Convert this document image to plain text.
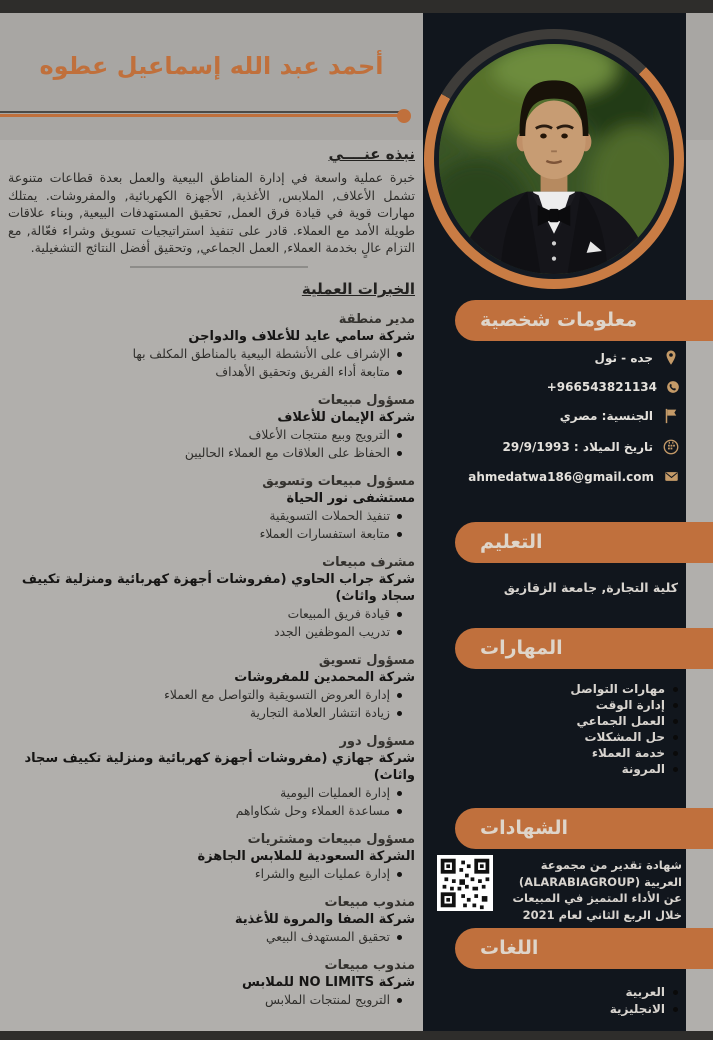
أحمد عبد الله إسماعيل عطوه
نبذه عنــــي
خبرة عملية واسعة في إدارة المناطق البيعية والعمل بعدة قطاعات متنوعة تشمل الأعلاف, الملابس, الأغذية, الأجهزة الكهربائية, والمفروشات. يمتلك مهارات قوية في قيادة فرق العمل, تحقيق المستهدفات البيعية, وبناء علاقات طويلة الأمد مع العملاء. قادر على تنفيذ استراتيجيات تسويق وشراء فعّالة, مع التزام عالٍ بخدمة العملاء, العمل الجماعي, وتحقيق أفضل النتائج التشغيلية.
الخبرات العملية
مدير منطقة
شركة سامي عايد للأعلاف والدواجن
الإشراف على الأنشطة البيعية بالمناطق المكلف بها
متابعة أداء الفريق وتحقيق الأهداف
مسؤول مبيعات
شركة الإيمان للأعلاف
الترويج وبيع منتجات الأعلاف
الحفاظ على العلاقات مع العملاء الحاليين
مسؤول مبيعات وتسويق
مستشفى نور الحياة
تنفيذ الحملات التسويقية
متابعة استفسارات العملاء
مشرف مبيعات
شركة جراب الحاوي (مفروشات أجهزة كهربائية ومنزلية تكييف سجاد واثاث)
قيادة فريق المبيعات
تدريب الموظفين الجدد
مسؤول تسويق
شركة المحمدين للمفروشات
إدارة العروض التسويقية والتواصل مع العملاء
زيادة انتشار العلامة التجارية
مسؤول دور
شركة جهازي (مفروشات أجهزة كهربائية ومنزلية تكييف سجاد واثاث)
إدارة العمليات اليومية
مساعدة العملاء وحل شكاواهم
مسؤول مبيعات ومشتريات
الشركة السعودية للملابس الجاهزة
إدارة عمليات البيع والشراء
مندوب مبيعات
شركة الصفا والمروة للأغذية
تحقيق المستهدف البيعي
مندوب مبيعات
شركة NO LIMITS للملابس
الترويج لمنتجات الملابس
معلومات شخصية
التعليم
المهارات
الشهادات
اللغات
جده - ثول
+966543821134
الجنسية: مصري
تاريخ الميلاد : 29/9/1993
ahmedatwa186@gmail.com
كلية التجارة, جامعة الزقازيق
مهارات التواصل
إدارة الوقت
العمل الجماعي
حل المشكلات
خدمة العملاء
المرونة
شهادة تقدير من مجموعة العربية (ALARABIAGROUP) عن الأداء المتميز في المبيعات خلال الربع الثاني لعام 2021
العربية
الانجليزية
